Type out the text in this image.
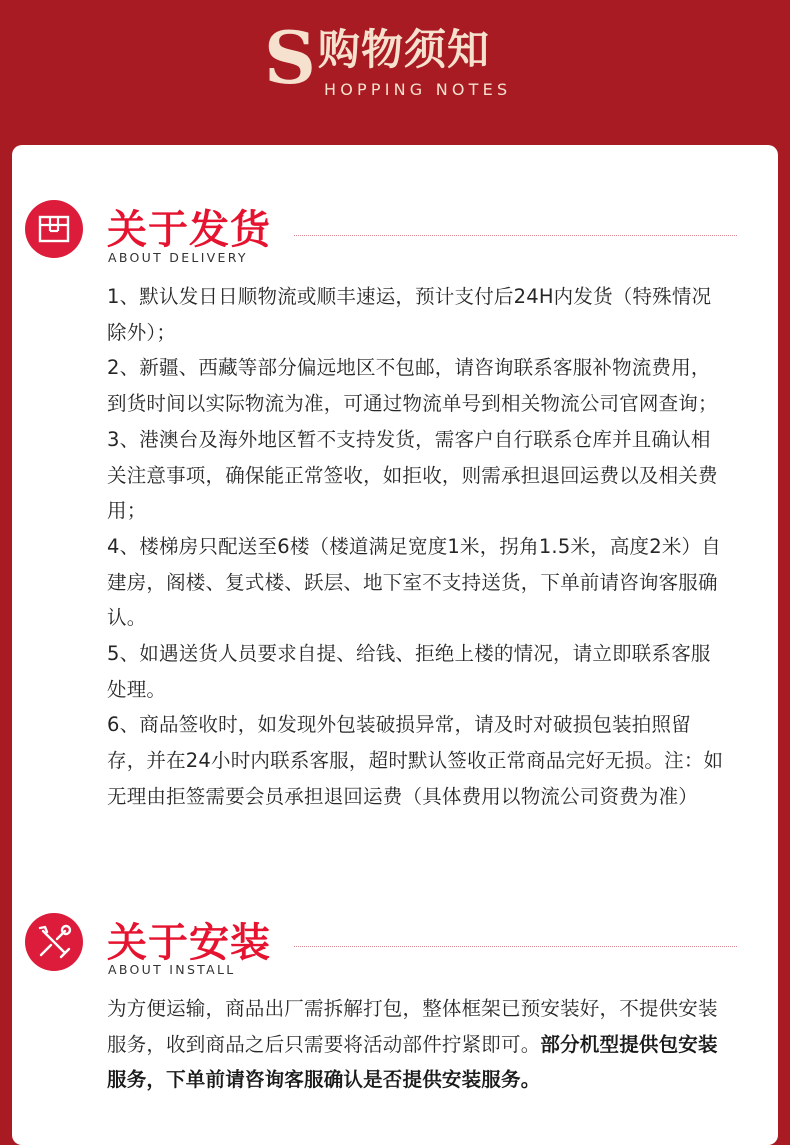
S 购物须知
HOPPING NOTES
关于发货
ABOUT DELIVERY

1、默认发日日顺物流或顺丰速运，预计支付后24H内发货（特殊情况除外）；

2、新疆、西藏等部分偏远地区不包邮，请咨询联系客服补物流费用，到货时间以实际物流为准，可通过物流单号到相关物流公司官网查询；

3、港澳台及海外地区暂不支持发货，需客户自行联系仓库并且确认相关注意事项，确保能正常签收，如拒收，则需承担退回运费以及相关费用；

4、楼梯房只配送至6楼（楼道满足宽度1米，拐角1.5米，高度2米）自建房，阁楼、复式楼、跃层、地下室不支持送货，下单前请咨询客服确认。

5、如遇送货人员要求自提、给钱、拒绝上楼的情况，请立即联系客服处理。

6、商品签收时，如发现外包装破损异常，请及时对破损包装拍照留存，并在24小时内联系客服，超时默认签收正常商品完好无损。注：如无理由拒签需要会员承担退回运费（具体费用以物流公司资费为准）

关于安装
ABOUT INSTALL
为方便运输，商品出厂需拆解打包，整体框架已预安装好，不提供安装服务，收到商品之后只需要将活动部件拧紧即可。部分机型提供包安装服务，下单前请咨询客服确认是否提供安装服务。
